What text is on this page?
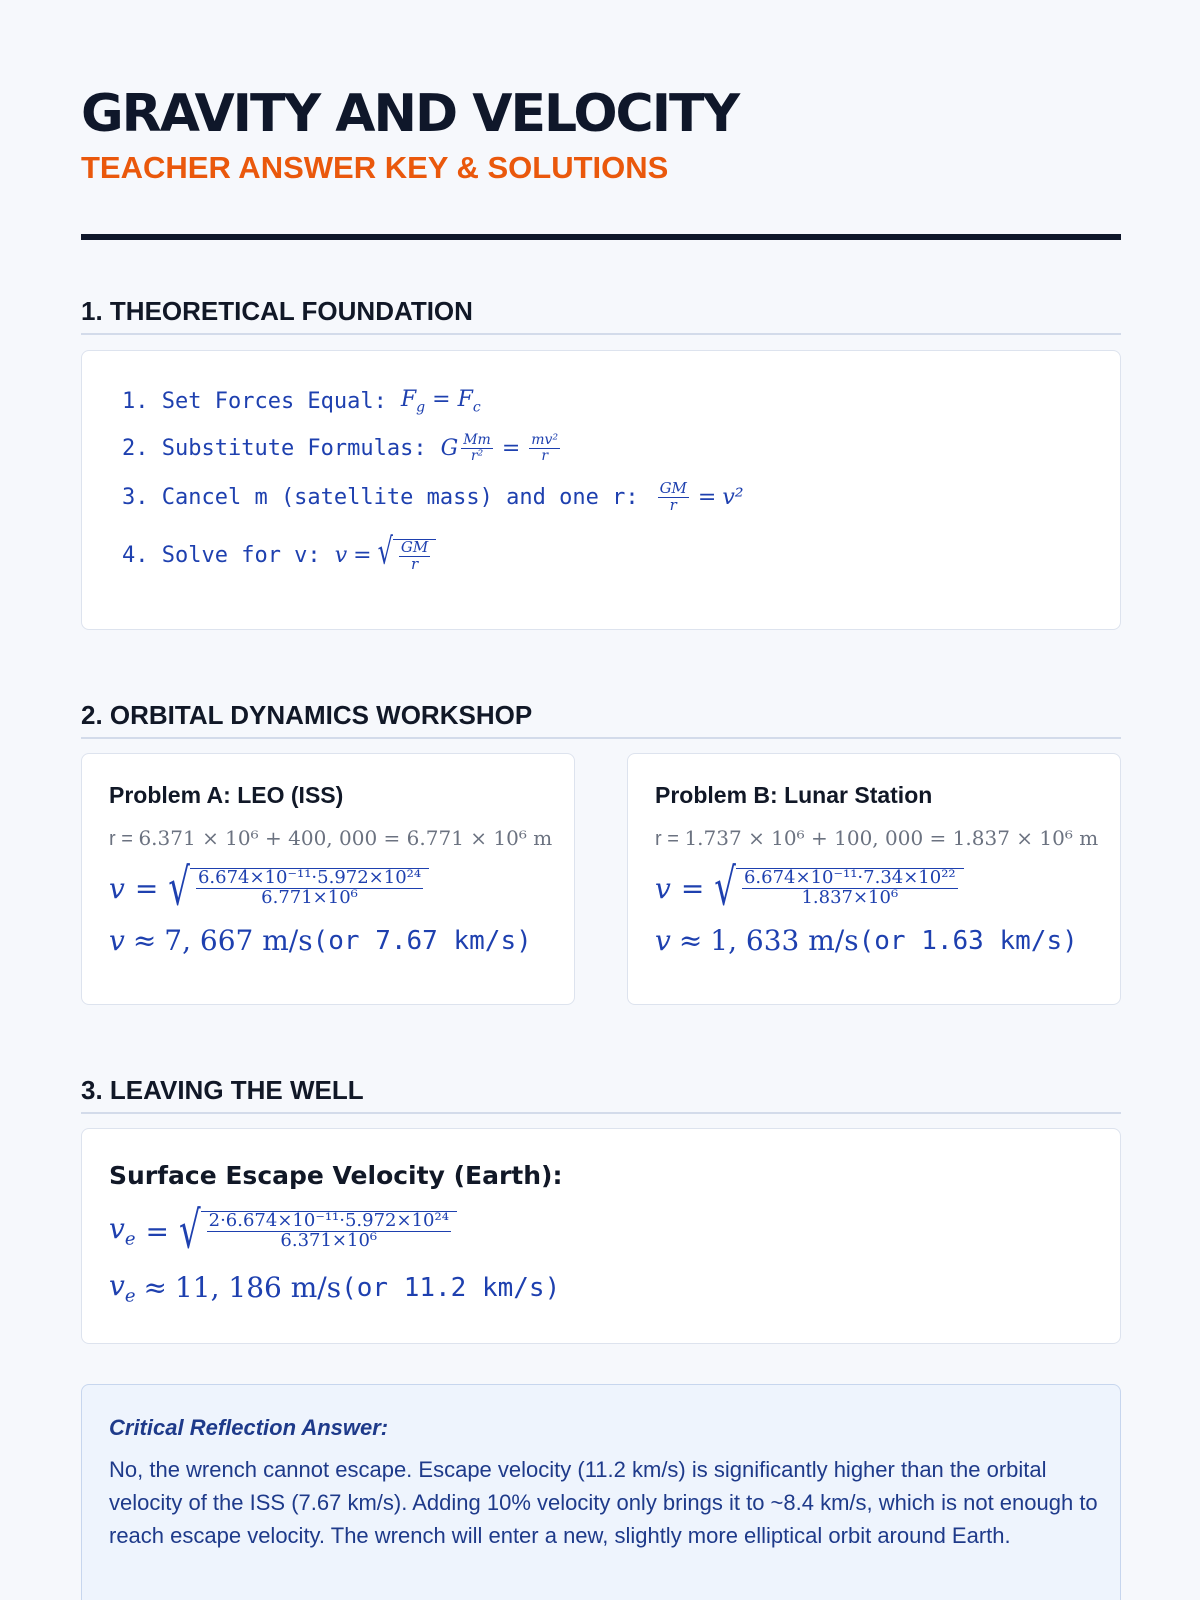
GRAVITY AND VELOCITY
TEACHER ANSWER KEY & SOLUTIONS
1. THEORETICAL FOUNDATION
1. Set Forces Equal: $F_g = F_c$
2. Substitute Formulas: G $\frac{Mm}{\text{r²}} = \frac{\text{mv²}}{r}$
3. Cancel m (satellite mass) and one r: $\frac{GM}{r} = v^2$
4. Solve for v: v = √ $\frac{GM}{r}$
2. ORBITAL DYNAMICS WORKSHOP
Problem A: LEO (ISS)
r = 6.371 × 10⁶ + 400, 000 = 6.771 × 10⁶ m
v = √ $\frac{\text{6.674×10⁻¹¹·5.972×10²⁴}}{\text{6.771×10⁶}}$
v ≈ 7, 667 m/s (or 7.67 km/s)
Problem B: Lunar Station
r = 1.737 × 10⁶ + 100, 000 = 1.837 × 10⁶ m
v = √ $\frac{\text{6.674×10⁻¹¹·7.34×10²²}}{\text{1.837×10⁶}}$
v ≈ 1, 633 m/s (or 1.63 km/s)
3. LEAVING THE WELL
Surface Escape Velocity (Earth):
$v_e$ = √ $\frac{\text{2·6.674×10⁻¹¹·5.972×10²⁴}}{\text{6.371×10⁶}}$
$v_e \approx 11$, 186 m/s (or 11.2 km/s)
Critical Reflection Answer:
No, the wrench cannot escape. Escape velocity (11.2 km/s) is significantly higher than the orbital velocity of the ISS (7.67 km/s). Adding 10% velocity only brings it to ~8.4 km/s, which is not enough to reach escape velocity. The wrench will enter a new, slightly more elliptical orbit around Earth.
